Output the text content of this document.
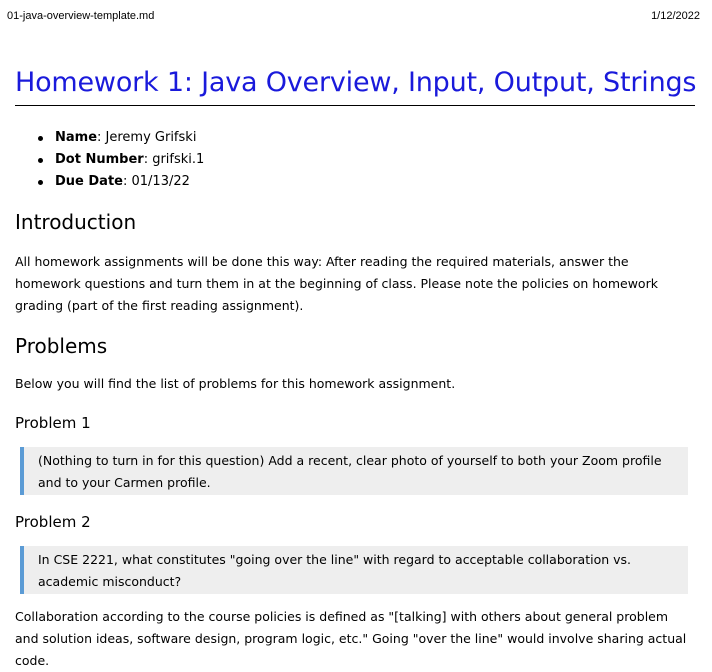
01-java-overview-template.md	1/12/2022
Homework 1: Java Overview, Input, Output, Strings
Name: Jeremy Grifski
Dot Number: grifski.1
Due Date: 01/13/22
Introduction

All homework assignments will be done this way: After reading the required materials, answer the homework questions and turn them in at the beginning of class. Please note the policies on homework grading (part of the first reading assignment).

Problems

Below you will find the list of problems for this homework assignment.

Problem 1
(Nothing to turn in for this question) Add a recent, clear photo of yourself to both your Zoom profile and to your Carmen profile.
Problem 2
In CSE 2221, what constitutes "going over the line" with regard to acceptable collaboration vs. academic misconduct?

Collaboration according to the course policies is defined as "[talking] with others about general problem and solution ideas, software design, program logic, etc." Going "over the line" would involve sharing actual code.
